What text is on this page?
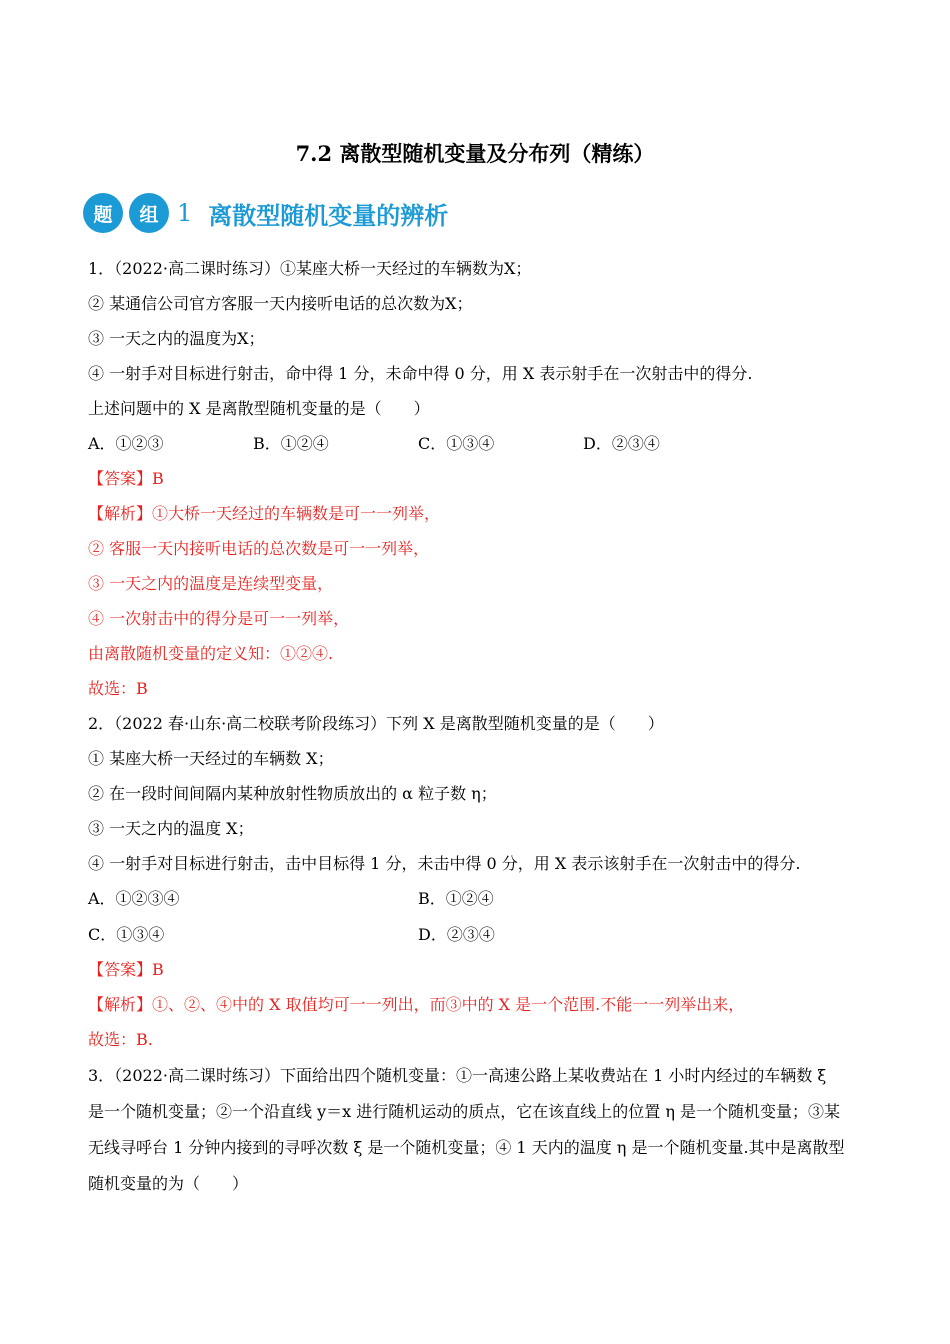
7.2 离散型随机变量及分布列（精练）
题	组 1 离散型随机变量的辨析
1．（2022·高二课时练习）①某座大桥一天经过的车辆数为X；
② 某通信公司官方客服一天内接听电话的总次数为X；
③ 一天之内的温度为X；
④ 一射手对目标进行射击，命中得 1 分，未命中得 0 分，用 X 表示射手在一次射击中的得分.
上述问题中的 X 是离散型随机变量的是（　　）
A．①②③	B．①②④	C．①③④	D．②③④
【答案】B
【解析】①大桥一天经过的车辆数是可一一列举，
② 客服一天内接听电话的总次数是可一一列举，
③ 一天之内的温度是连续型变量，
④ 一次射击中的得分是可一一列举，
由离散随机变量的定义知：①②④.
故选：B
2．（2022 春·山东·高二校联考阶段练习）下列 X 是离散型随机变量的是（　　）
① 某座大桥一天经过的车辆数 X；
② 在一段时间间隔内某种放射性物质放出的 α 粒子数 η；
③ 一天之内的温度 X；
④ 一射手对目标进行射击，击中目标得 1 分，未击中得 0 分，用 X 表示该射手在一次射击中的得分.
A．①②③④	B．①②④
C．①③④	D．②③④
【答案】B
【解析】①、②、④中的 X 取值均可一一列出，而③中的 X 是一个范围.不能一一列举出来，
故选：B.
3．（2022·高二课时练习）下面给出四个随机变量：①一高速公路上某收费站在 1 小时内经过的车辆数 ξ
是一个随机变量；②一个沿直线 y＝x 进行随机运动的质点，它在该直线上的位置 η 是一个随机变量；③某
无线寻呼台 1 分钟内接到的寻呼次数 ξ 是一个随机变量；④ 1 天内的温度 η 是一个随机变量.其中是离散型
随机变量的为（　　）
